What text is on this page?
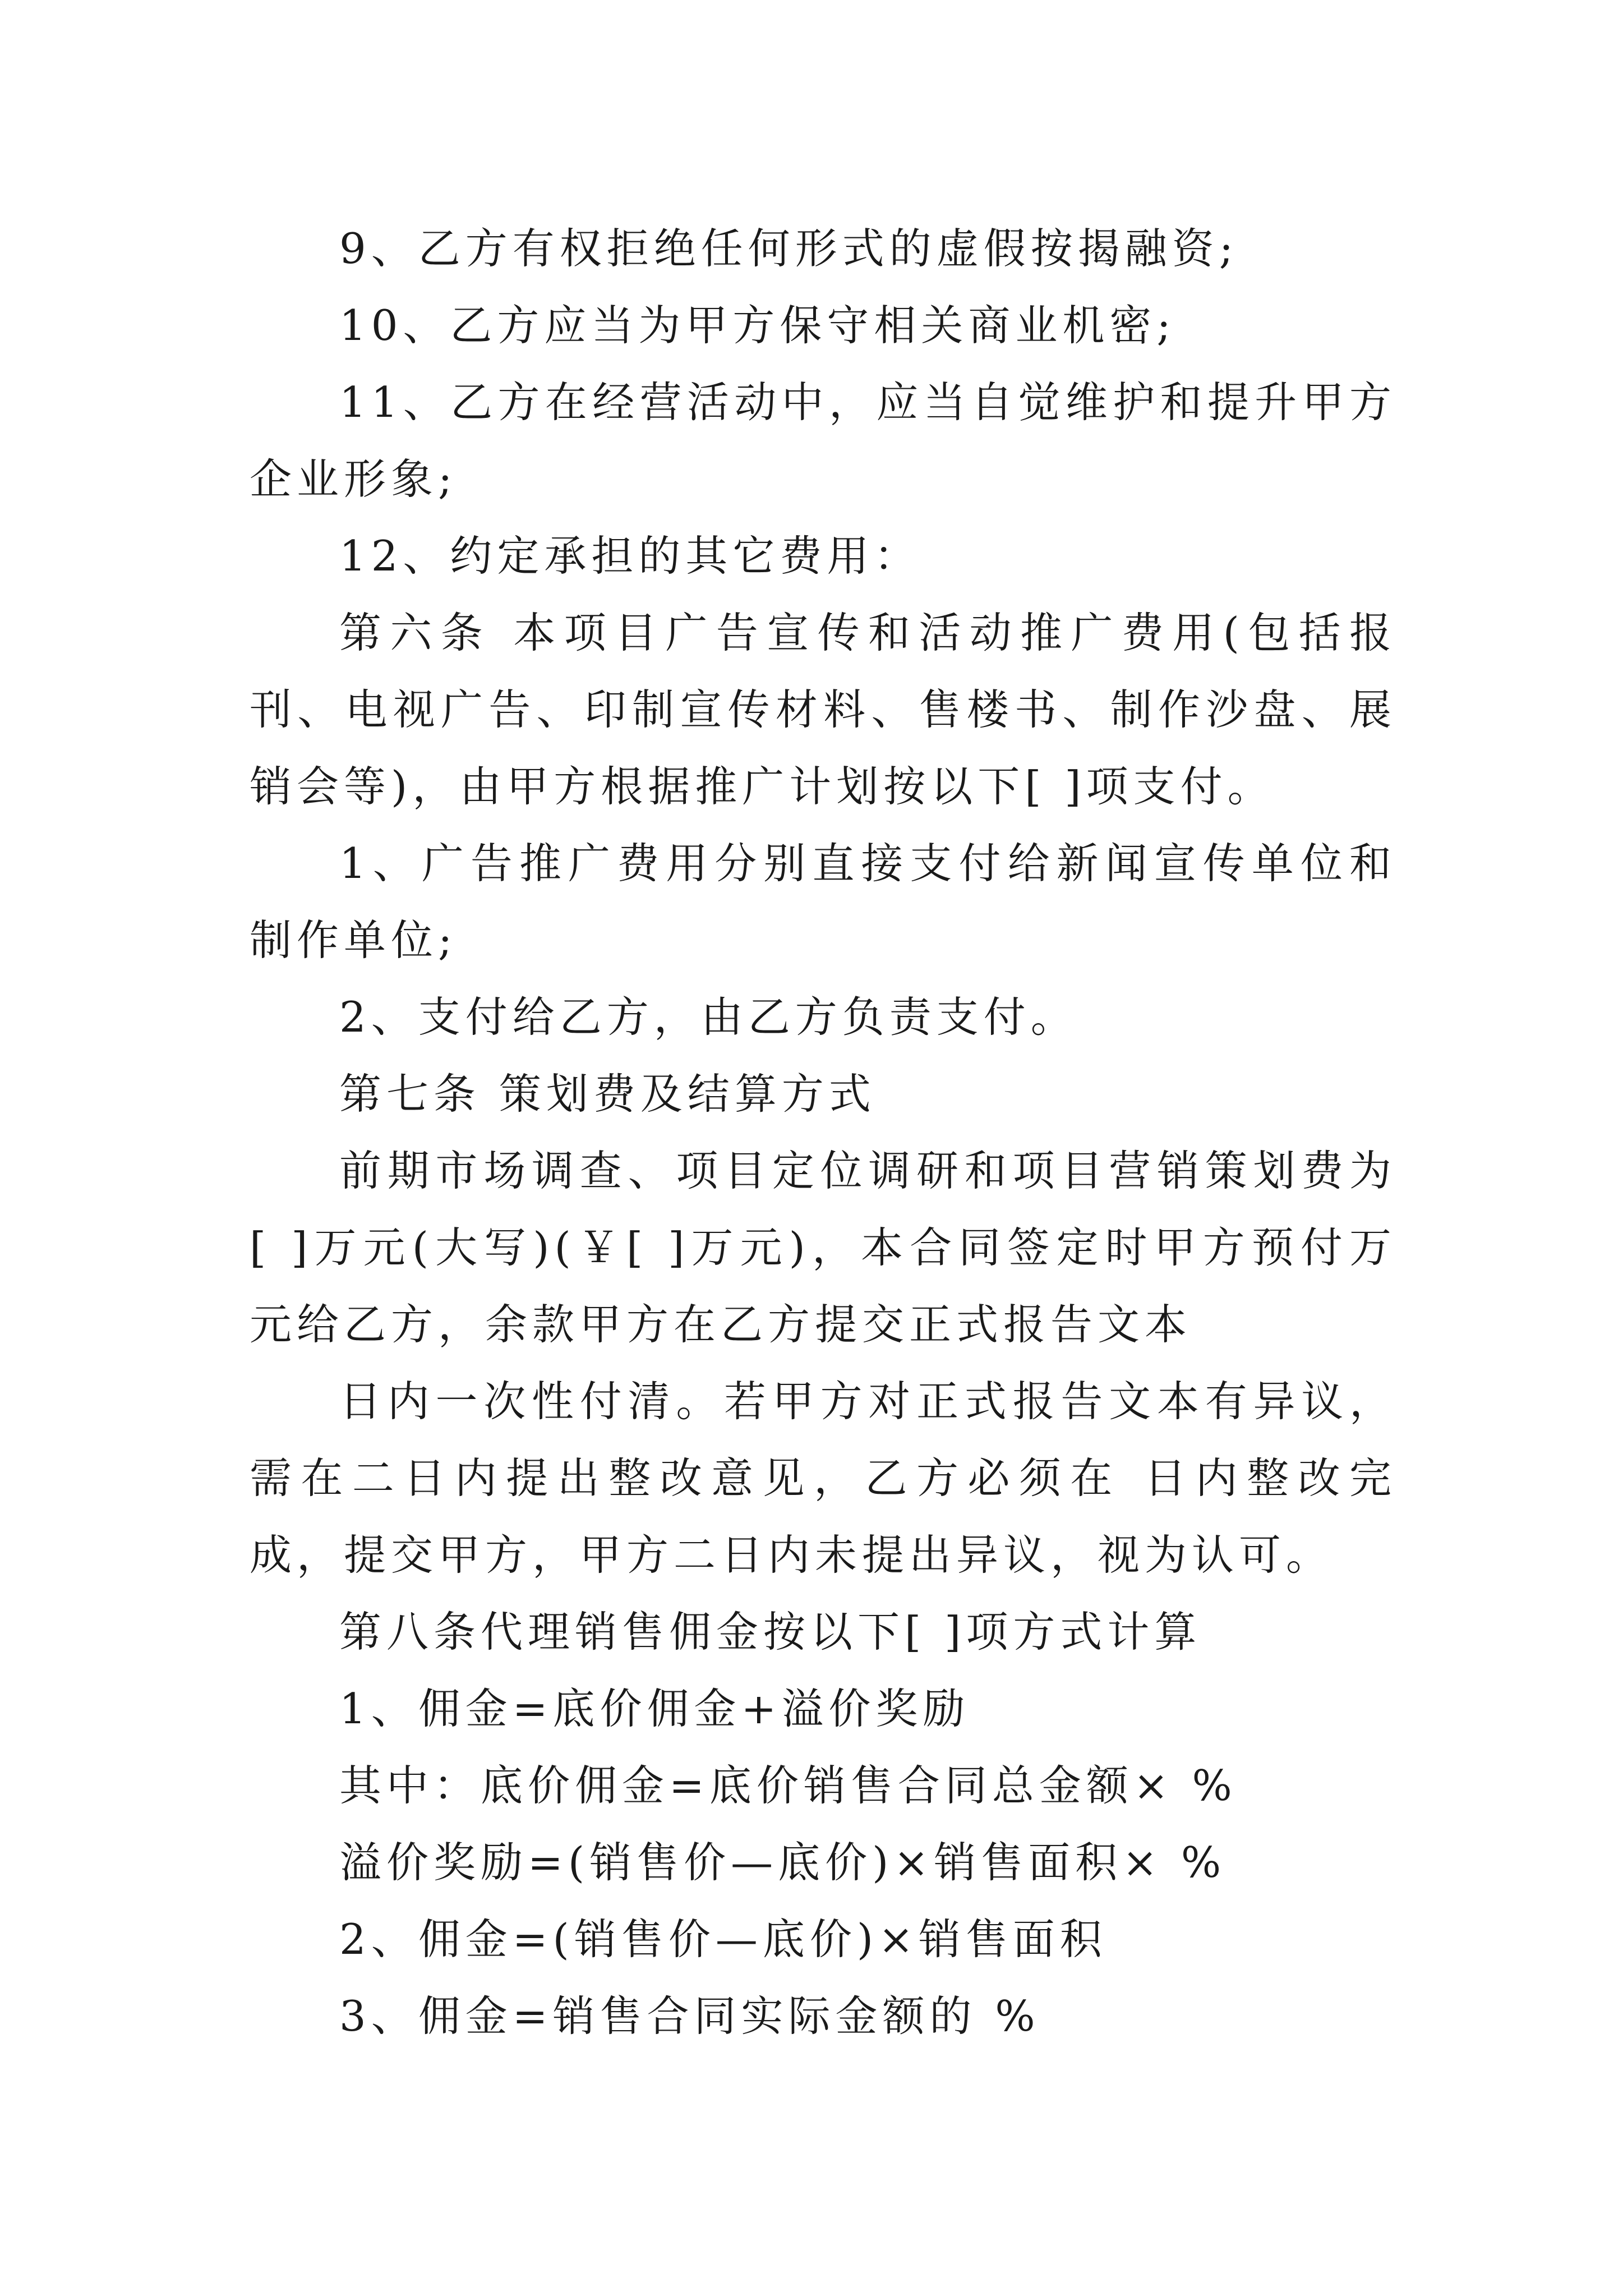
9、乙方有权拒绝任何形式的虚假按揭融资;

10、乙方应当为甲方保守相关商业机密;

11、乙方在经营活动中，应当自觉维护和提升甲方企业形象;

12、约定承担的其它费用：

第六条 本项目广告宣传和活动推广费用(包括报刊、电视广告、印制宣传材料、售楼书、制作沙盘、展销会等)，由甲方根据推广计划按以下[ ]项支付。

1、广告推广费用分别直接支付给新闻宣传单位和制作单位;

2、支付给乙方，由乙方负责支付。

第七条 策划费及结算方式

前期市场调查、项目定位调研和项目营销策划费为[ ]万元(大写)(￥[ ]万元)，本合同签定时甲方预付万元给乙方，余款甲方在乙方提交正式报告文本

日内一次性付清。若甲方对正式报告文本有异议，需在二日内提出整改意见，乙方必须在 日内整改完成，提交甲方，甲方二日内未提出异议，视为认可。

第八条代理销售佣金按以下[ ]项方式计算

1、佣金=底价佣金+溢价奖励

其中：底价佣金=底价销售合同总金额× %

溢价奖励=(销售价—底价)×销售面积× %

2、佣金=(销售价—底价)×销售面积

3、佣金=销售合同实际金额的 %
